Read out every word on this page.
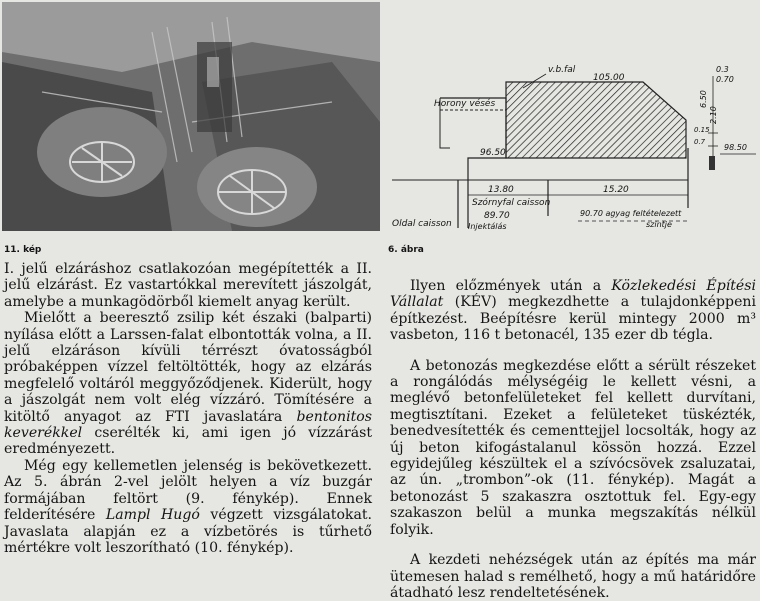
11. kép
v.b.fal
Horony vésés
105.00
96.50
13.80	15.20
Szórnyfal caisson
89.70
Injektálás
Oldal caisson
90.70 agyag feltételezett
szintje
0.3
0.70
6.50
0.15
2.10
0.7
98.50
6. ábra

I. jelű elzáráshoz csatlakozóan megépítették a II. jelű elzárást. Ez vastartókkal merevített jászolgát, amelybe a munkagödörből kiemelt anyag került.

Mielőtt a beeresztő zsilip két északi (balparti) nyílása előtt a Larssen-falat elbontották volna, a II. jelű elzáráson kívüli térrészt óvatosságból próbaképpen vízzel feltöltötték, hogy az elzárás megfelelő voltáról meggyőződjenek. Kiderült, hogy a jászolgát nem volt elég vízzáró. Tömítésére a kitöltő anyagot az FTI javaslatára bentonitos keverékkel cserélték ki, ami igen jó vízzárást eredményezett.

Még egy kellemetlen jelenség is bekövetkezett. Az 5. ábrán 2-vel jelölt helyen a víz buzgár formájában feltört (9. fénykép). Ennek felderítésére Lampl Hugó végzett vizsgálatokat. Javaslata alapján ez a vízbetörés is tűrhető mértékre volt leszorítható (10. fénykép).

Ilyen előzmények után a Közlekedési Építési Vállalat (KÉV) megkezdhette a tulajdonképpeni építkezést. Beépítésre kerül mintegy 2000 m³ vasbeton, 116 t betonacél, 135 ezer db tégla.

A betonozás megkezdése előtt a sérült részeket a rongálódás mélységéig le kellett vésni, a meglévő betonfelületeket fel kellett durvítani, megtisztítani. Ezeket a felületeket tüskézték, benedvesítették és cementtejjel locsolták, hogy az új beton kifogástalanul kössön hozzá. Ezzel egyidejűleg készültek el a szívócsövek zsaluzatai, az ún. „trombon”-ok (11. fénykép). Magát a betonozást 5 szakaszra osztottuk fel. Egy-egy szakaszon belül a munka megszakítás nélkül folyik.

A kezdeti nehézségek után az építés ma már ütemesen halad s remélhető, hogy a mű határidőre átadható lesz rendeltetésének.
